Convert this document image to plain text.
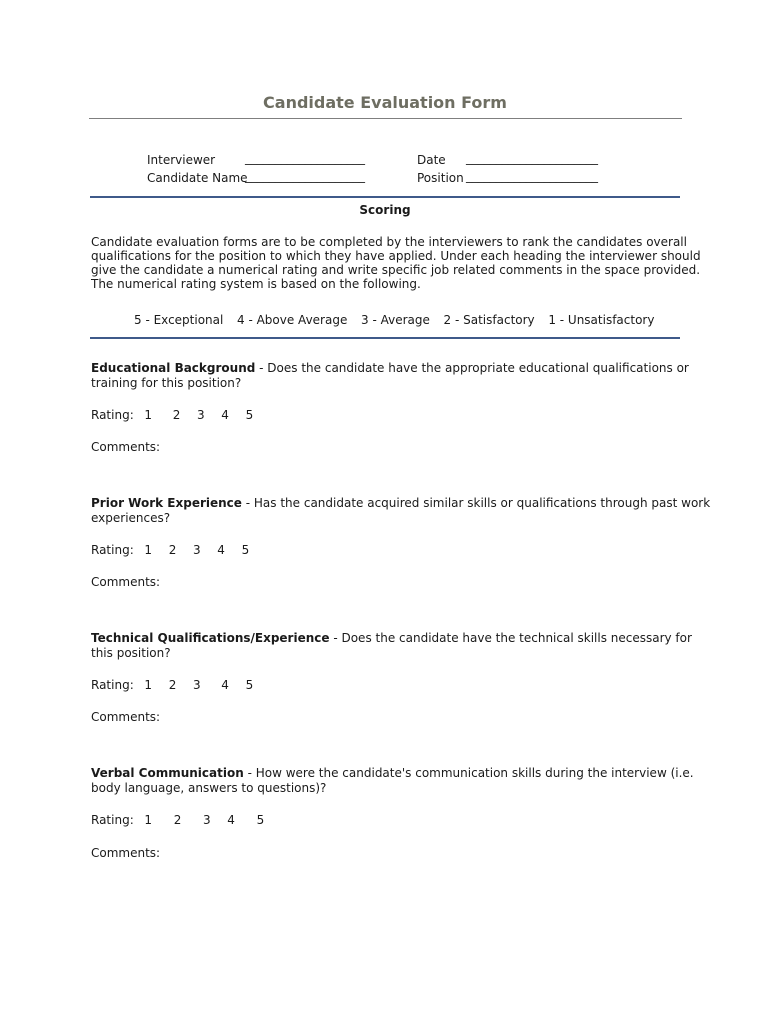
Candidate Evaluation Form
Interviewer ____________________
Candidate Name
____________________
Date ______________________
Position ______________________
Scoring
Candidate evaluation forms are to be completed by the interviewers to rank the candidates overall
qualifications for the position to which they have applied. Under each heading the interviewer should
give the candidate a numerical rating and write specific job related comments in the space provided.
The numerical rating system is based on the following.
5 - Exceptional 4 - Above Average 3 - Average 2 - Satisfactory 1 - Unsatisfactory
Educational Background - Does the candidate have the appropriate educational qualifications or
training for this position?
Rating: 1 2 3 4 5
Comments:
Prior Work Experience - Has the candidate acquired similar skills or qualifications through past work
experiences?
Rating: 1 2 3 4 5
Comments:
Technical Qualifications/Experience - Does the candidate have the technical skills necessary for
this position?
Rating: 1 2 3 4 5
Comments:
Verbal Communication - How were the candidate's communication skills during the interview (i.e.
body language, answers to questions)?
Rating: 1 2 3 4 5
Comments:
